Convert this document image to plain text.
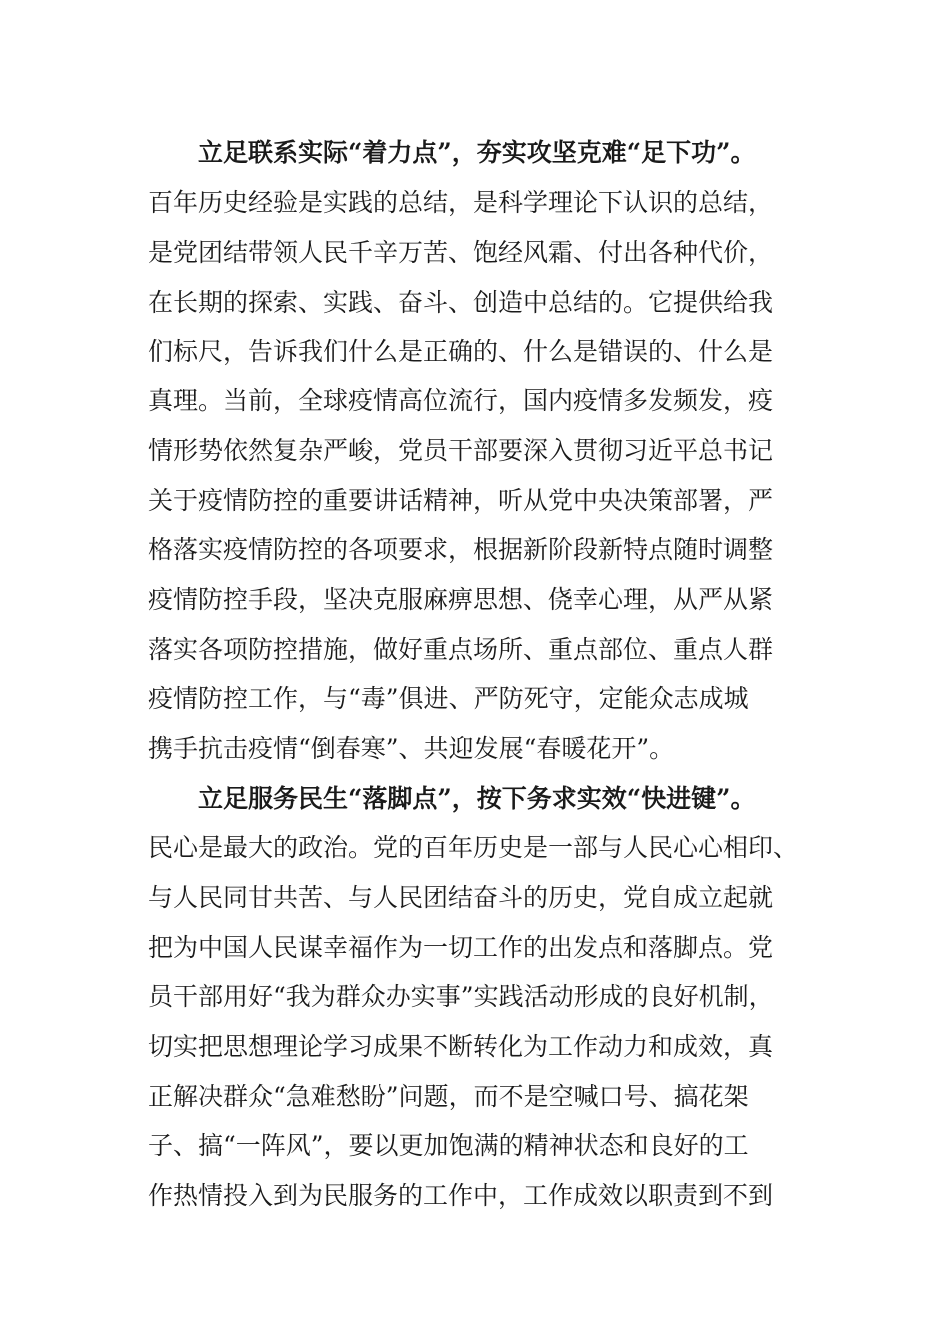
立足联系实际“着力点”，夯实攻坚克难“足下功”。
百年历史经验是实践的总结，是科学理论下认识的总结，
是党团结带领人民千辛万苦、饱经风霜、付出各种代价，
在长期的探索、实践、奋斗、创造中总结的。它提供给我
们标尺，告诉我们什么是正确的、什么是错误的、什么是
真理。当前，全球疫情高位流行，国内疫情多发频发，疫
情形势依然复杂严峻，党员干部要深入贯彻习近平总书记
关于疫情防控的重要讲话精神，听从党中央决策部署，严
格落实疫情防控的各项要求，根据新阶段新特点随时调整
疫情防控手段，坚决克服麻痹思想、侥幸心理，从严从紧
落实各项防控措施，做好重点场所、重点部位、重点人群
疫情防控工作，与“毒”俱进、严防死守，定能众志成城
携手抗击疫情“倒春寒”、共迎发展“春暖花开”。
立足服务民生“落脚点”，按下务求实效“快进键”。
民心是最大的政治。党的百年历史是一部与人民心心相印、
与人民同甘共苦、与人民团结奋斗的历史，党自成立起就
把为中国人民谋幸福作为一切工作的出发点和落脚点。党
员干部用好“我为群众办实事”实践活动形成的良好机制，
切实把思想理论学习成果不断转化为工作动力和成效，真
正解决群众“急难愁盼”问题，而不是空喊口号、搞花架
子、搞“一阵风”，要以更加饱满的精神状态和良好的工
作热情投入到为民服务的工作中，工作成效以职责到不到
